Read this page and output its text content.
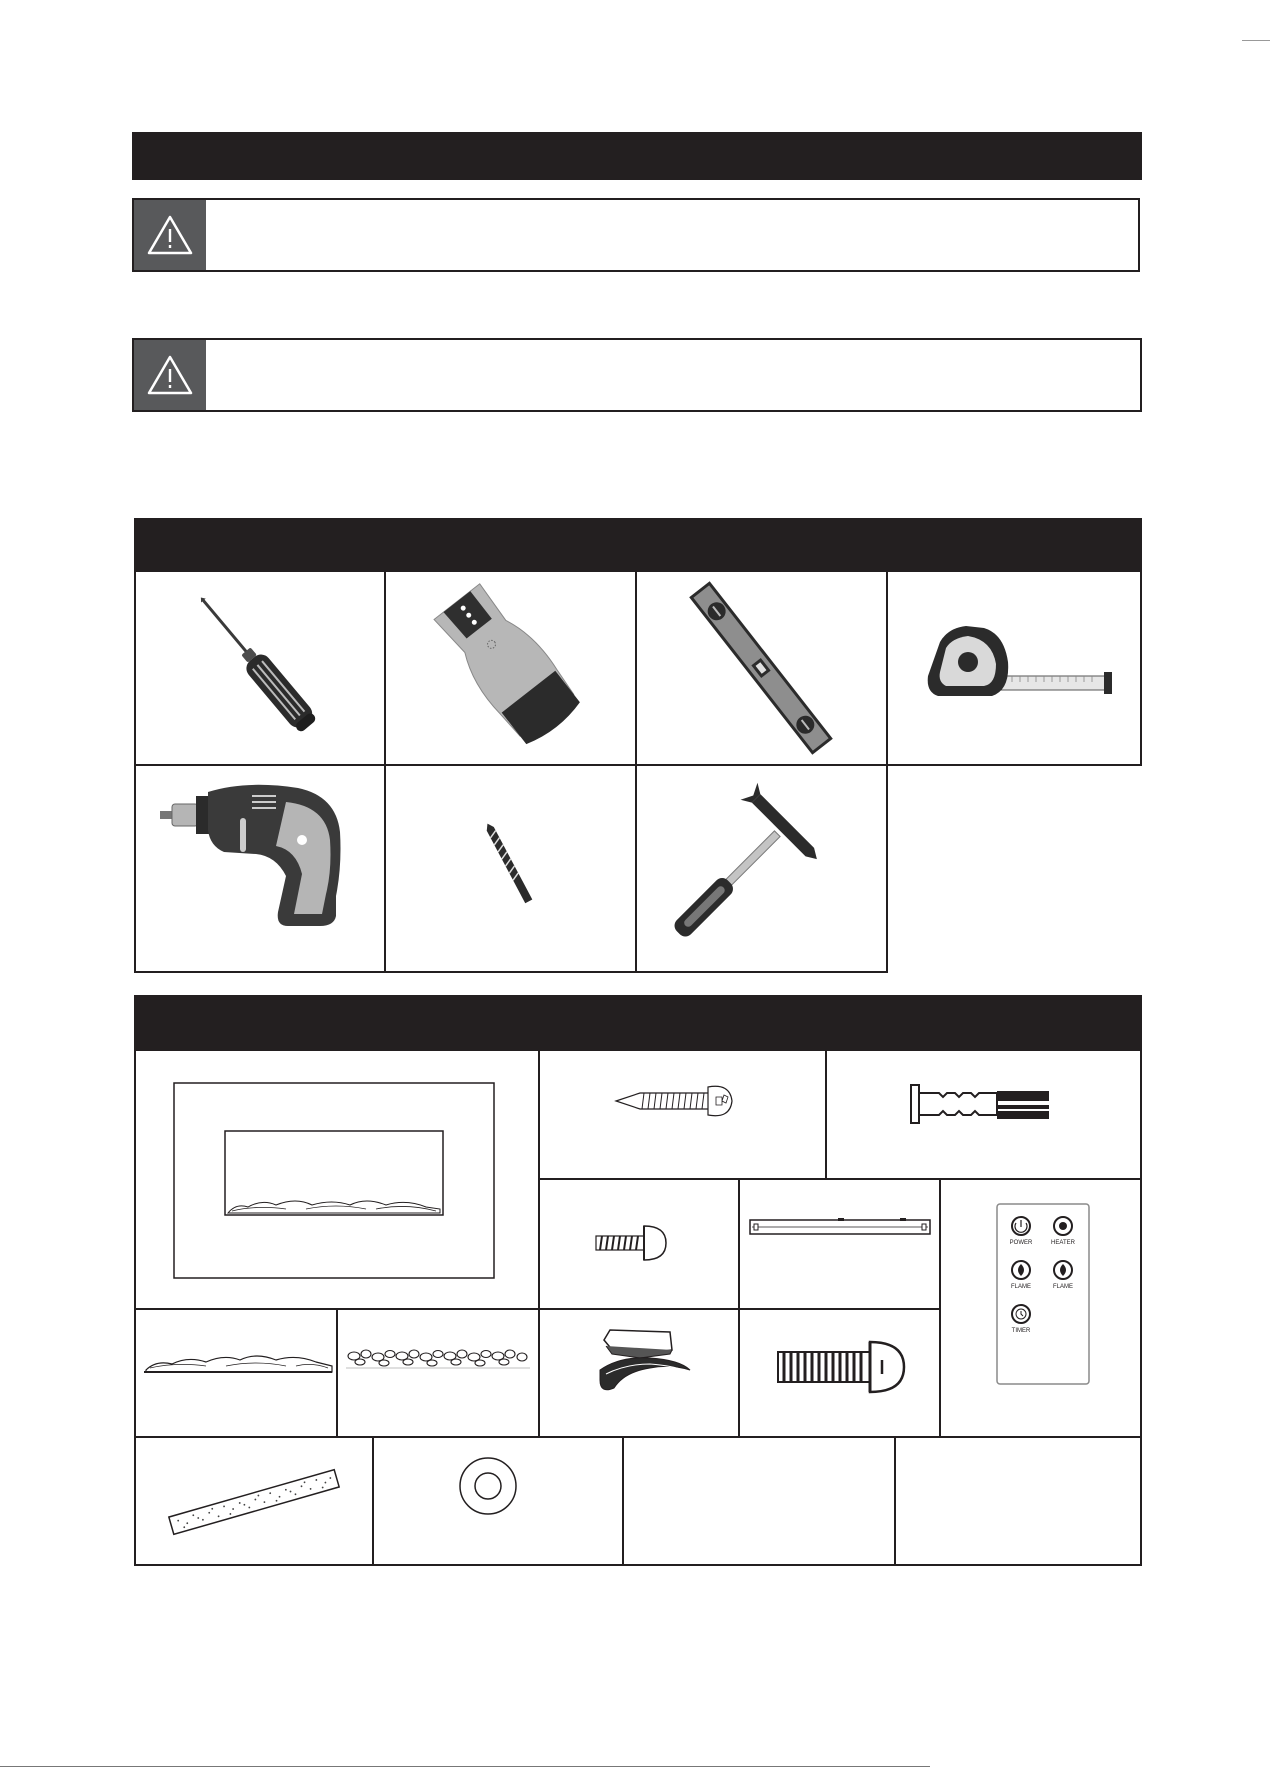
POWER	HEATER
FLAME	FLAME
TIMER
